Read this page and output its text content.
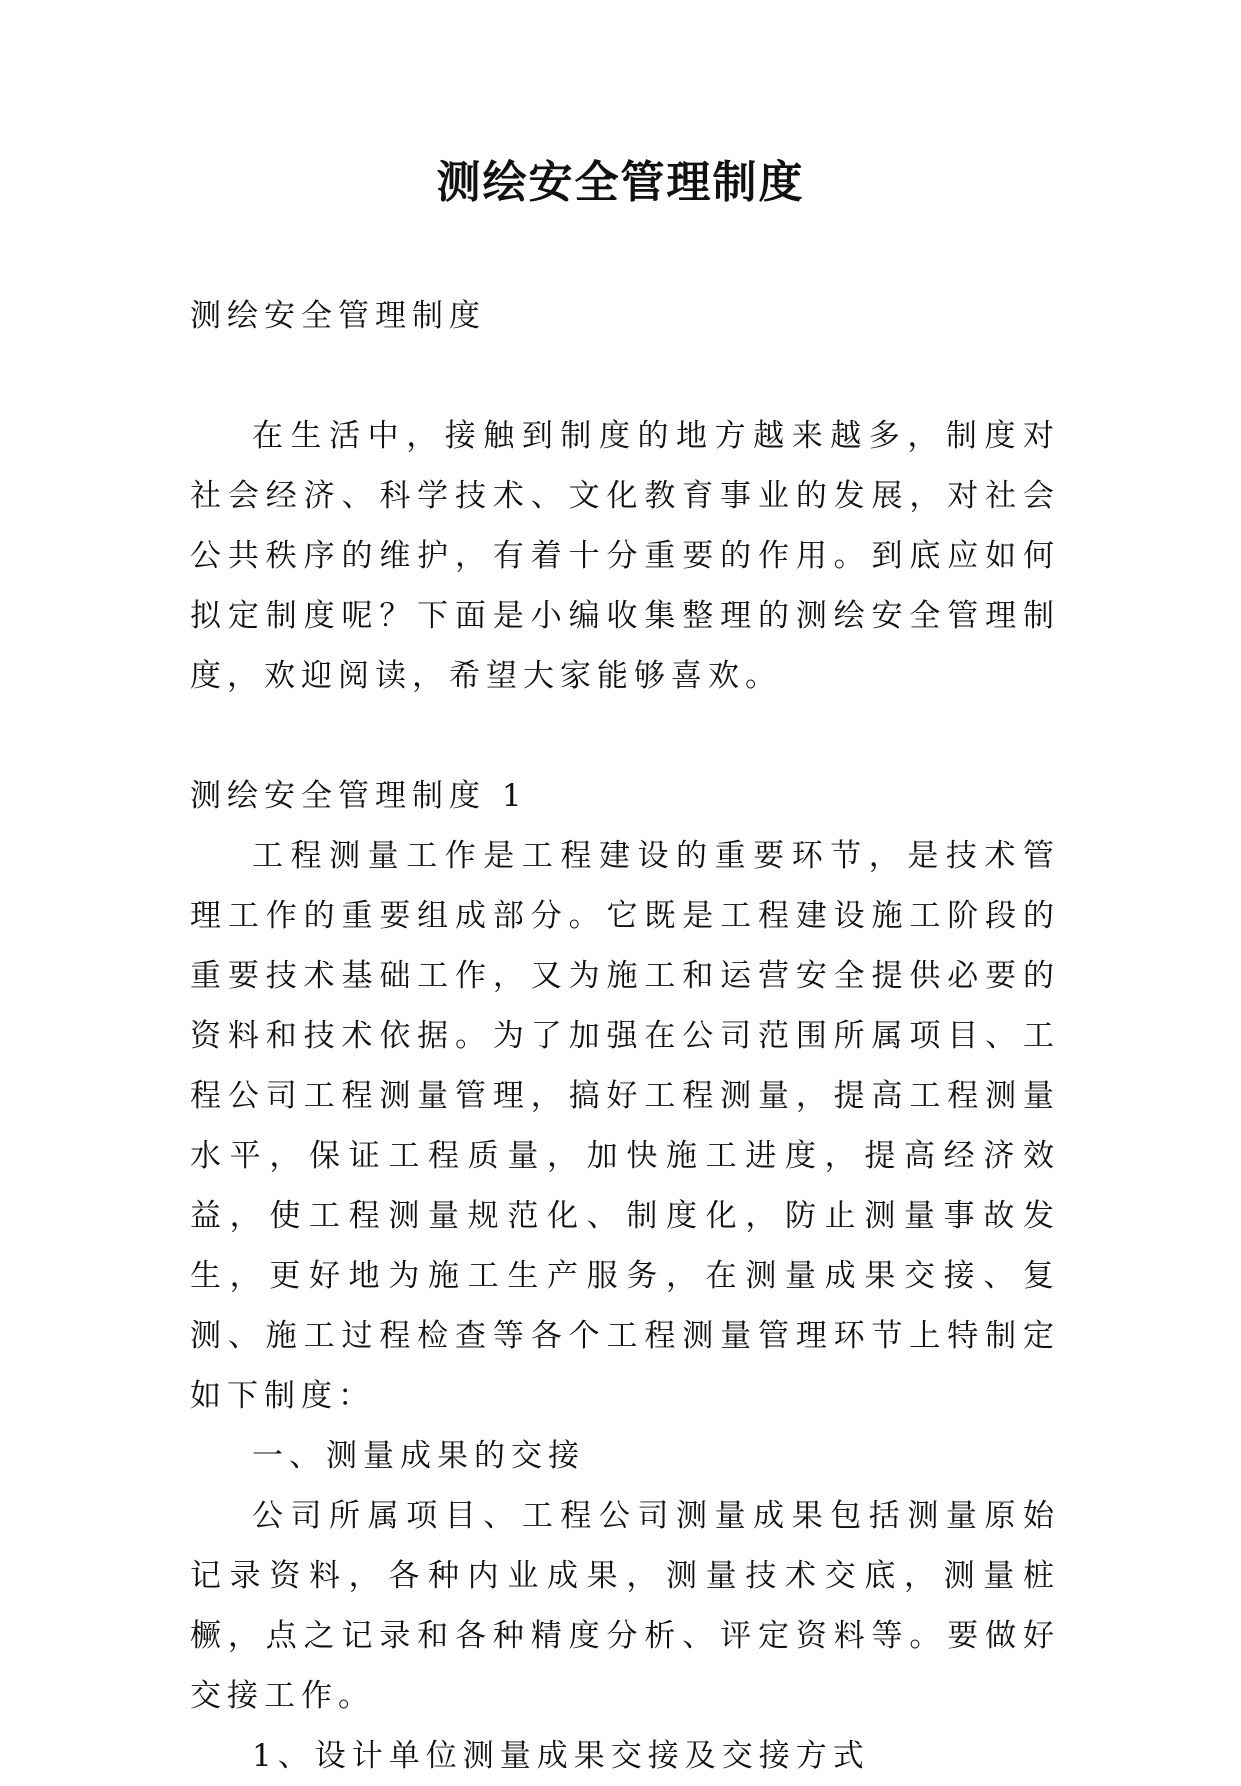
测绘安全管理制度

测绘安全管理制度

在生活中，接触到制度的地方越来越多，制度对社会经济、科学技术、文化教育事业的发展，对社会公共秩序的维护，有着十分重要的作用。到底应如何拟定制度呢？下面是小编收集整理的测绘安全管理制度，欢迎阅读，希望大家能够喜欢。

测绘安全管理制度 1

工程测量工作是工程建设的重要环节，是技术管理工作的重要组成部分。它既是工程建设施工阶段的重要技术基础工作，又为施工和运营安全提供必要的资料和技术依据。为了加强在公司范围所属项目、工程公司工程测量管理，搞好工程测量，提高工程测量水平，保证工程质量，加快施工进度，提高经济效益，使工程测量规范化、制度化，防止测量事故发生，更好地为施工生产服务，在测量成果交接、复测、施工过程检查等各个工程测量管理环节上特制定如下制度：

一、测量成果的交接

公司所属项目、工程公司测量成果包括测量原始记录资料，各种内业成果，测量技术交底，测量桩橛，点之记录和各种精度分析、评定资料等。要做好交接工作。

1、设计单位测量成果交接及交接方式
